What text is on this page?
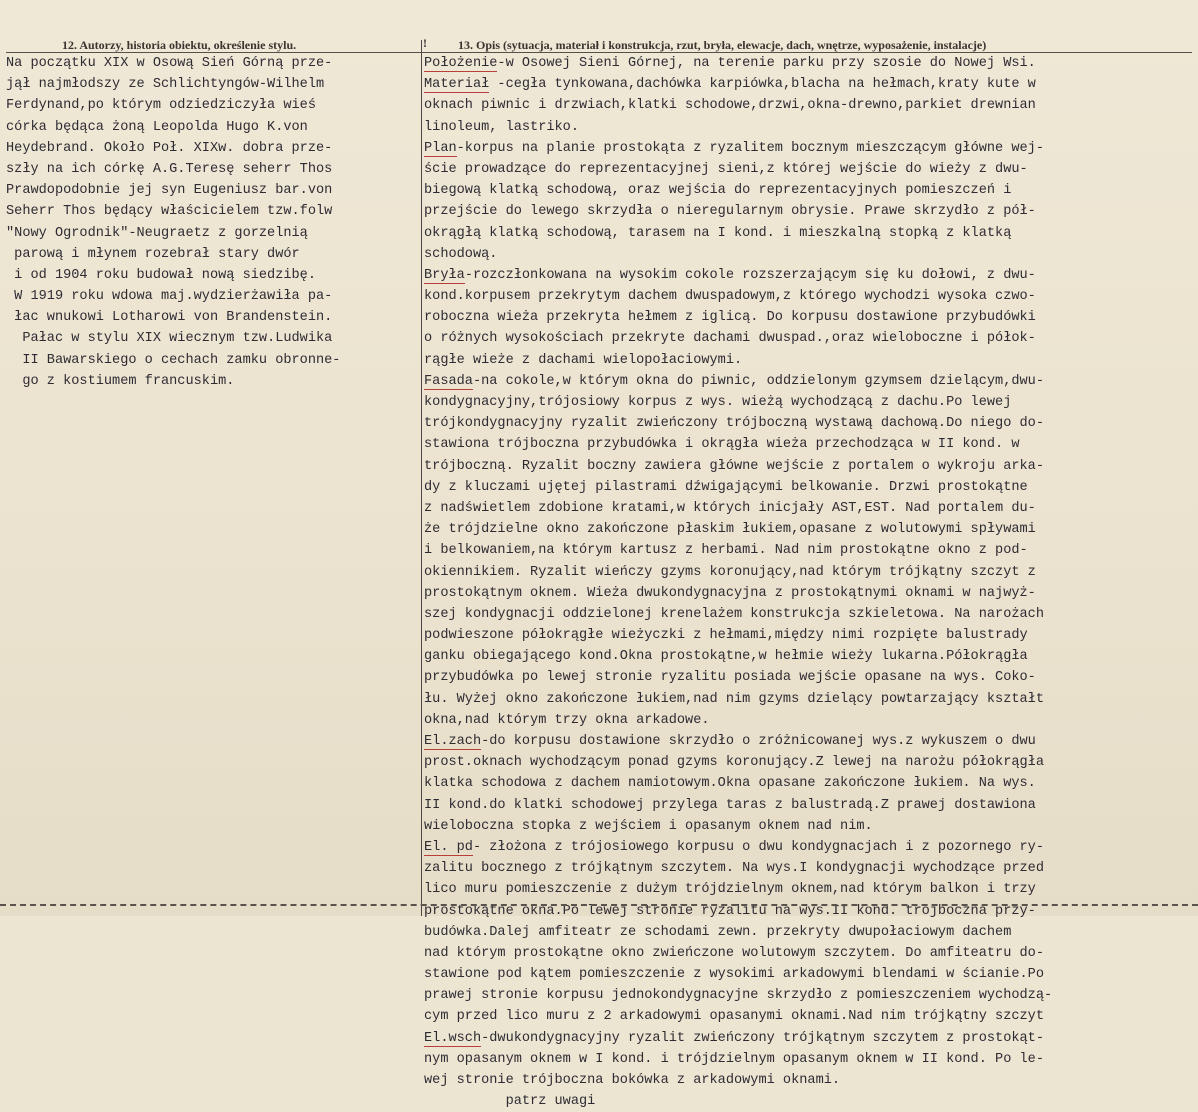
12. Autorzy, historia obiektu, określenie stylu.	!	13. Opis (sytuacja, materiał i konstrukcja, rzut, bryła, elewacje, dach, wnętrze, wyposażenie, instalacje)
Na początku XIX w Osową Sień Górną prze-
jął najmłodszy ze Schlichtyngów-Wilhelm
Ferdynand,po którym odziedziczyła wieś
córka będąca żoną Leopolda Hugo K.von
Heydebrand. Około Poł. XIXw. dobra prze-
szły na ich córkę A.G.Teresę seherr Thos
Prawdopodobnie jej syn Eugeniusz bar.von
Seherr Thos będący właścicielem tzw.folw
"Nowy Ogrodnik"-Neugraetz z gorzelnią
parową i młynem rozebrał stary dwór
i od 1904 roku budował nową siedzibę.
W 1919 roku wdowa maj.wydzierżawiła pa-
łac wnukowi Lotharowi von Brandenstein.
Pałac w stylu XIX wiecznym tzw.Ludwika
II Bawarskiego o cechach zamku obronne-
go z kostiumem francuskim.
Położenie-w Osowej Sieni Górnej, na terenie parku przy szosie do Nowej Wsi.
Materiał -cegła tynkowana,dachówka karpiówka,blacha na hełmach,kraty kute w
oknach piwnic i drzwiach,klatki schodowe,drzwi,okna-drewno,parkiet drewnian
linoleum, lastriko.
Plan-korpus na planie prostokąta z ryzalitem bocznym mieszczącym główne wej-
ście prowadzące do reprezentacyjnej sieni,z której wejście do wieży z dwu-
biegową klatką schodową, oraz wejścia do reprezentacyjnych pomieszczeń i
przejście do lewego skrzydła o nieregularnym obrysie. Prawe skrzydło z pół-
okrągłą klatką schodową, tarasem na I kond. i mieszkalną stopką z klatką
schodową.
Bryła-rozczłonkowana na wysokim cokole rozszerzającym się ku dołowi, z dwu-
kond.korpusem przekrytym dachem dwuspadowym,z którego wychodzi wysoka czwo-
roboczna wieża przekryta hełmem z iglicą. Do korpusu dostawione przybudówki
o różnych wysokościach przekryte dachami dwuspad.,oraz wieloboczne i półok-
rągłe wieże z dachami wielopołaciowymi.
Fasada-na cokole,w którym okna do piwnic, oddzielonym gzymsem dzielącym,dwu-
kondygnacyjny,trójosiowy korpus z wys. wieżą wychodzącą z dachu.Po lewej
trójkondygnacyjny ryzalit zwieńczony trójboczną wystawą dachową.Do niego do-
stawiona trójboczna przybudówka i okrągła wieża przechodząca w II kond. w
trójboczną. Ryzalit boczny zawiera główne wejście z portalem o wykroju arka-
dy z kluczami ujętej pilastrami dźwigającymi belkowanie. Drzwi prostokątne
z nadświetlem zdobione kratami,w których inicjały AST,EST. Nad portalem du-
że trójdzielne okno zakończone płaskim łukiem,opasane z wolutowymi spływami
i belkowaniem,na którym kartusz z herbami. Nad nim prostokątne okno z pod-
okiennikiem. Ryzalit wieńczy gzyms koronujący,nad którym trójkątny szczyt z
prostokątnym oknem. Wieża dwukondygnacyjna z prostokątnymi oknami w najwyż-
szej kondygnacji oddzielonej krenelażem konstrukcja szkieletowa. Na narożach
podwieszone półokrągłe wieżyczki z hełmami,między nimi rozpięte balustrady
ganku obiegającego kond.Okna prostokątne,w hełmie wieży lukarna.Półokrągła
przybudówka po lewej stronie ryzalitu posiada wejście opasane na wys. Coko-
łu. Wyżej okno zakończone łukiem,nad nim gzyms dzielący powtarzający kształt
okna,nad którym trzy okna arkadowe.
El.zach-do korpusu dostawione skrzydło o zróżnicowanej wys.z wykuszem o dwu
prost.oknach wychodzącym ponad gzyms koronujący.Z lewej na narożu półokrągła
klatka schodowa z dachem namiotowym.Okna opasane zakończone łukiem. Na wys.
II kond.do klatki schodowej przylega taras z balustradą.Z prawej dostawiona
wieloboczna stopka z wejściem i opasanym oknem nad nim.
El. pd- złożona z trójosiowego korpusu o dwu kondygnacjach i z pozornego ry-
zalitu bocznego z trójkątnym szczytem. Na wys.I kondygnacji wychodzące przed
lico muru pomieszczenie z dużym trójdzielnym oknem,nad którym balkon i trzy
prostokątne okna.Po lewej stronie ryzalitu na wys.II kond. trójboczna przy-
budówka.Dalej amfiteatr ze schodami zewn. przekryty dwupołaciowym dachem
nad którym prostokątne okno zwieńczone wolutowym szczytem. Do amfiteatru do-
stawione pod kątem pomieszczenie z wysokimi arkadowymi blendami w ścianie.Po
prawej stronie korpusu jednokondygnacyjne skrzydło z pomieszczeniem wychodzą-
cym przed lico muru z 2 arkadowymi opasanymi oknami.Nad nim trójkątny szczyt
El.wsch-dwukondygnacyjny ryzalit zwieńczony trójkątnym szczytem z prostokąt-
nym opasanym oknem w I kond. i trójdzielnym opasanym oknem w II kond. Po le-
wej stronie trójboczna bokówka z arkadowymi oknami.
patrz uwagi
